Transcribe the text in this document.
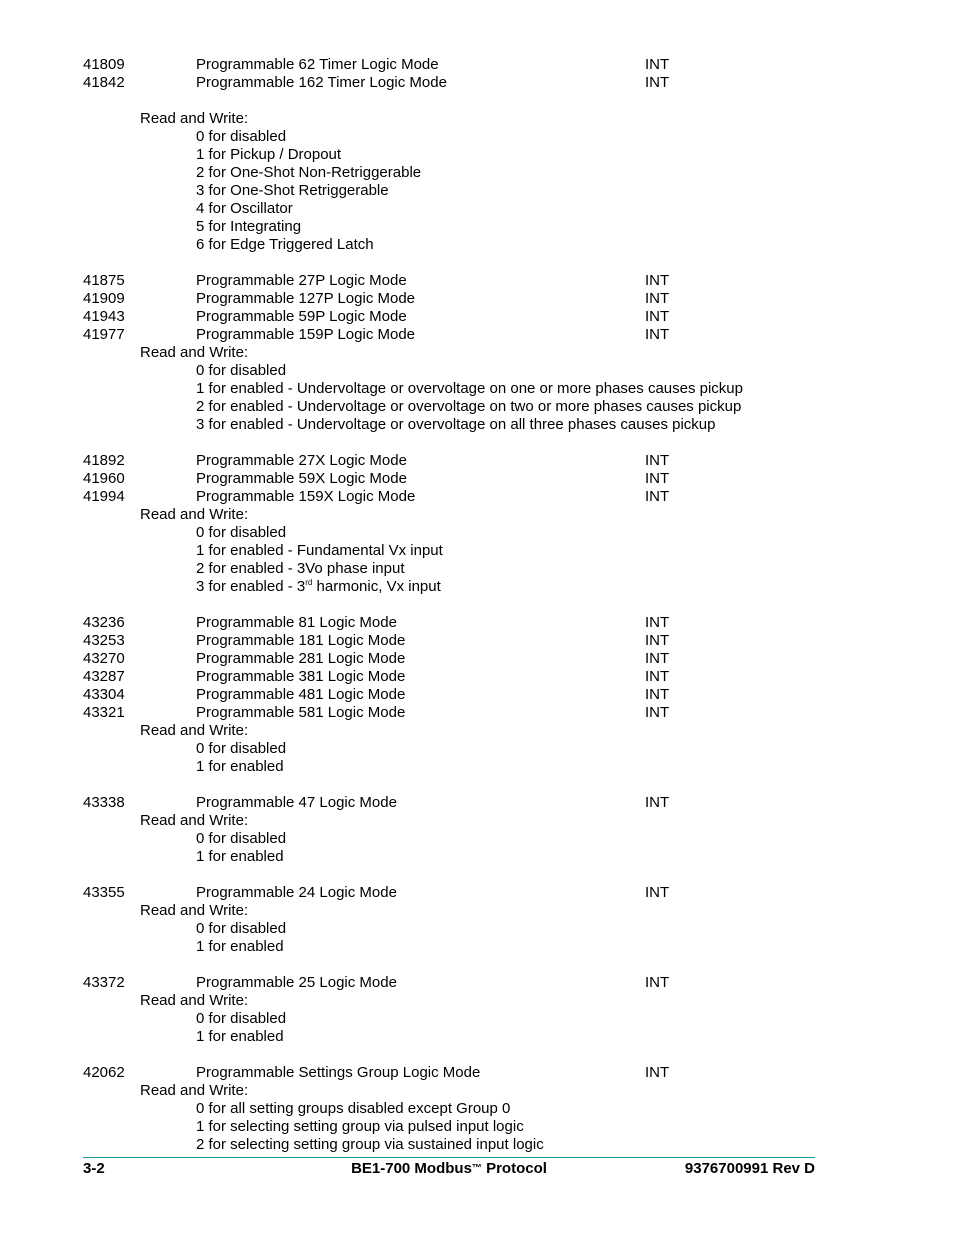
41809	Programmable 62 Timer Logic Mode	INT
41842	Programmable 162 Timer Logic Mode	INT
Read and Write:
0 for disabled
1 for Pickup / Dropout
2 for One-Shot Non-Retriggerable
3 for One-Shot Retriggerable
4 for Oscillator
5 for Integrating
6 for Edge Triggered Latch
41875	Programmable 27P Logic Mode	INT
41909	Programmable 127P Logic Mode	INT
41943	Programmable 59P Logic Mode	INT
41977	Programmable 159P Logic Mode	INT
Read and Write:
0 for disabled
1 for enabled - Undervoltage or overvoltage on one or more phases causes pickup
2 for enabled - Undervoltage or overvoltage on two or more phases causes pickup
3 for enabled - Undervoltage or overvoltage on all three phases causes pickup
41892	Programmable 27X Logic Mode	INT
41960	Programmable 59X Logic Mode	INT
41994	Programmable 159X Logic Mode	INT
Read and Write:
0 for disabled
1 for enabled - Fundamental Vx input
2 for enabled - 3Vo phase input
3 for enabled - 3rd harmonic, Vx input
43236	Programmable 81 Logic Mode	INT
43253	Programmable 181 Logic Mode	INT
43270	Programmable 281 Logic Mode	INT
43287	Programmable 381 Logic Mode	INT
43304	Programmable 481 Logic Mode	INT
43321	Programmable 581 Logic Mode	INT
Read and Write:
0 for disabled
1 for enabled
43338	Programmable 47 Logic Mode	INT
Read and Write:
0 for disabled
1 for enabled
43355	Programmable 24 Logic Mode	INT
Read and Write:
0 for disabled
1 for enabled
43372	Programmable 25 Logic Mode	INT
Read and Write:
0 for disabled
1 for enabled
42062	Programmable Settings Group Logic Mode	INT
Read and Write:
0 for all setting groups disabled except Group 0
1 for selecting setting group via pulsed input logic
2 for selecting setting group via sustained input logic
3-2	BE1-700 Modbus™ Protocol	9376700991 Rev D
